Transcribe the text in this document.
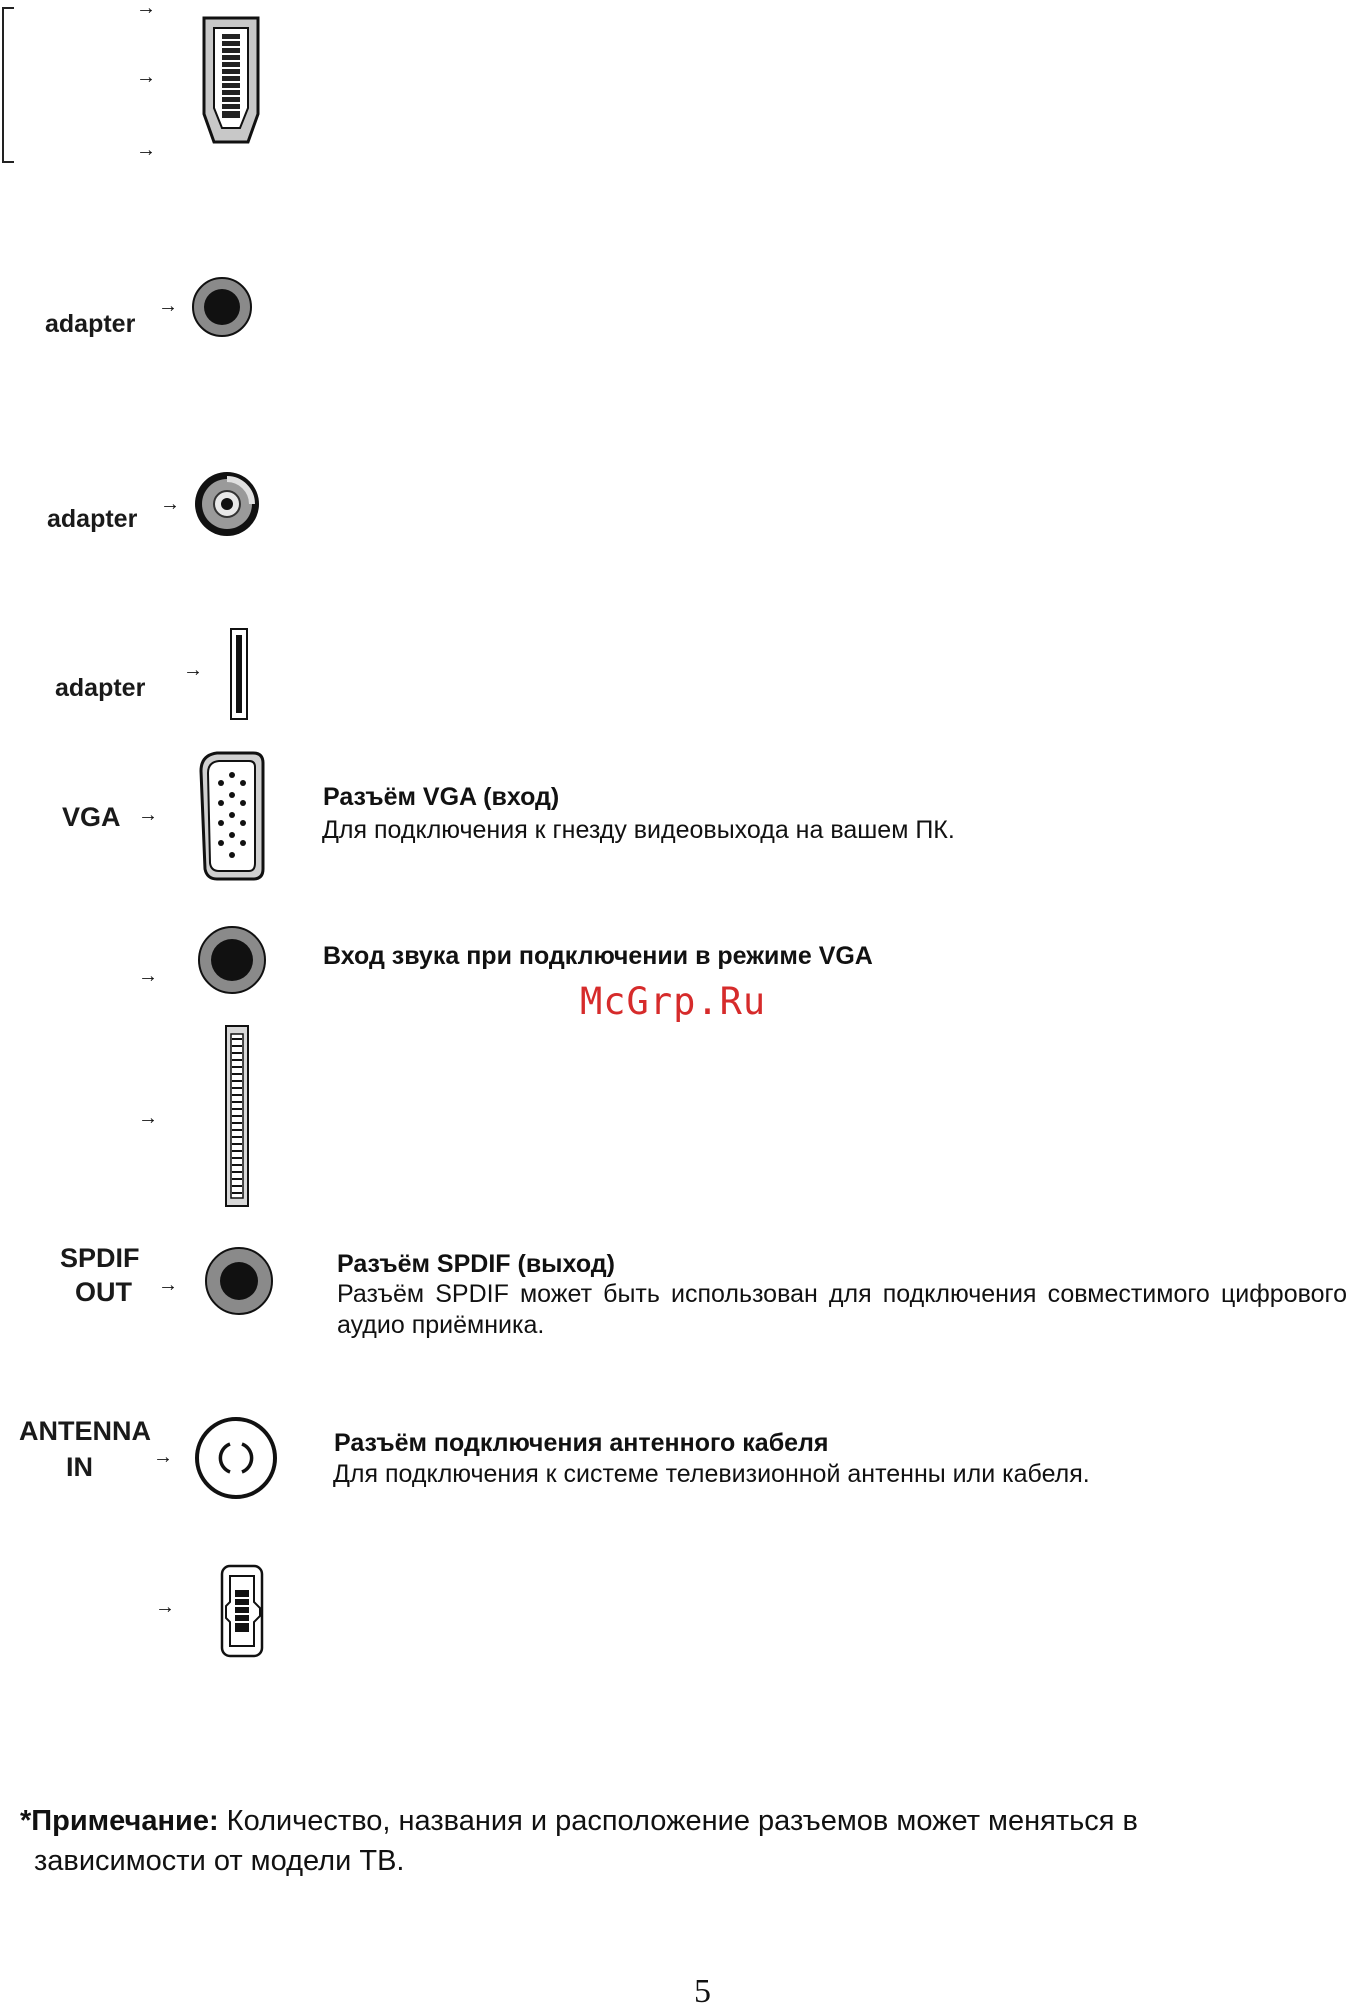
→
→
→
adapter
→
adapter
→
adapter
→
VGA →
Разъём VGA (вход)
Для подключения к гнезду видеовыхода на вашем ПК.
→
Вход звука при подключении в режиме VGA
McGrp.Ru
→
SPDIF
OUT →
Разъём SPDIF (выход)
Разъём SPDIF может быть использован для подключения совместимого цифрового аудио приёмника.
ANTENNA
IN	→	Разъём подключения антенного кабеля
Для подключения к системе телевизионной антенны или кабеля.
→
*Примечание: Количество, названия и расположение разъемов может меняться в
зависимости от модели ТВ.
5
